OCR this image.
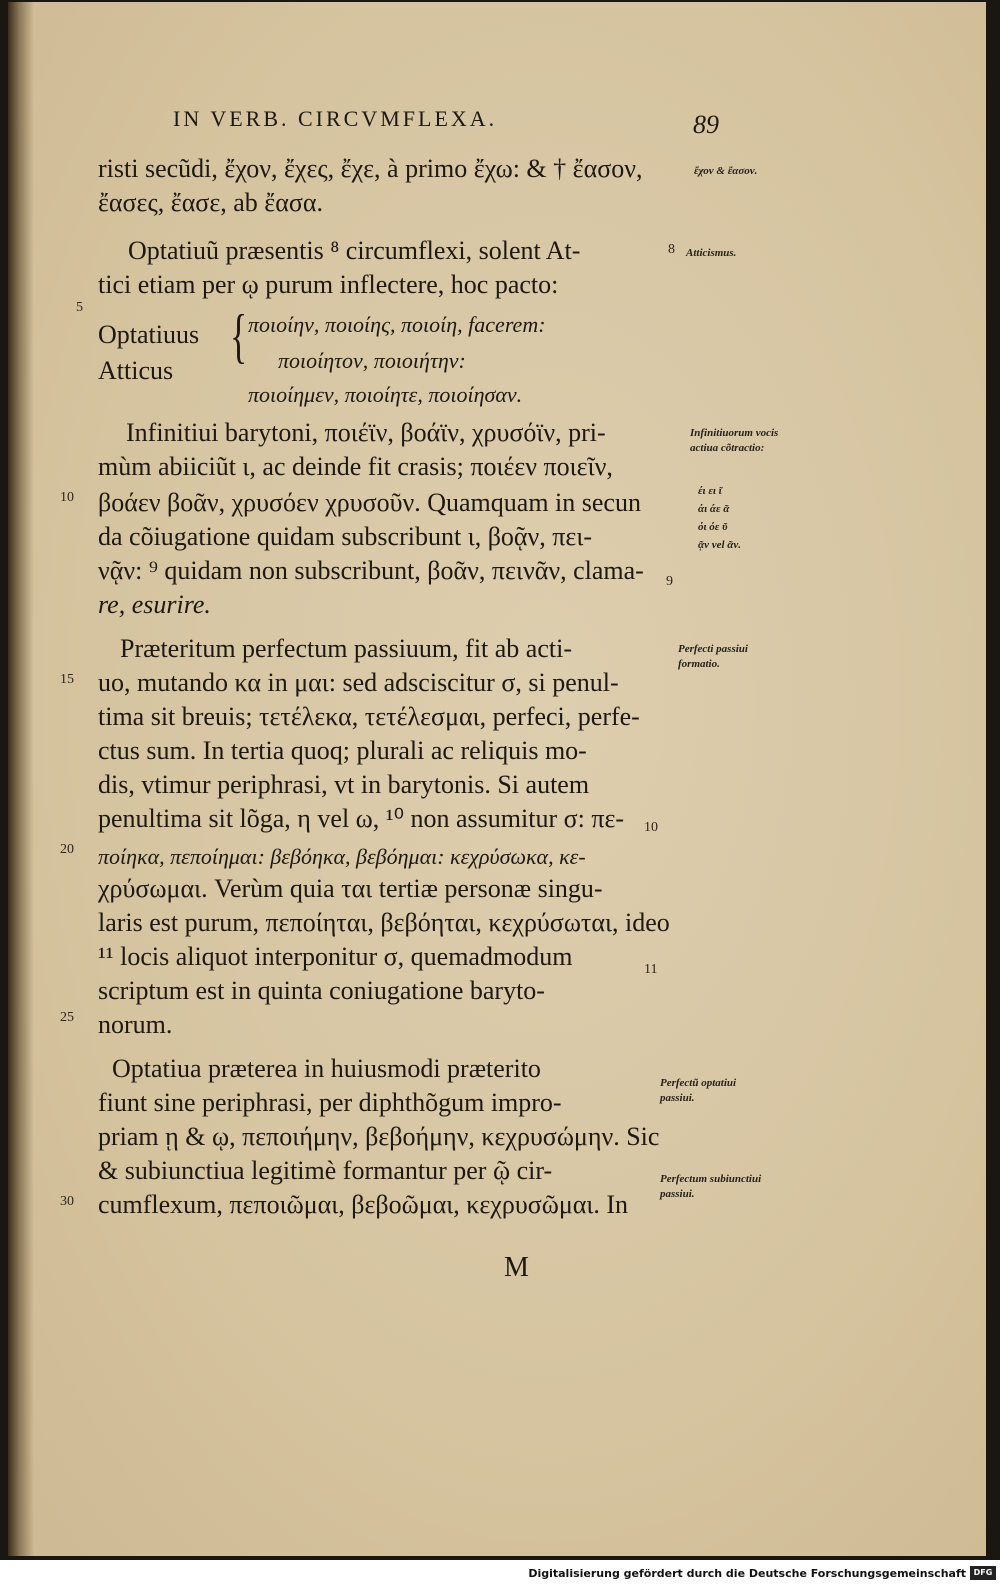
IN VERB. CIRCVMFLEXA.	89
risti secũdi, ἔχον, ἔχες, ἔχε, à primo ἔχω: & † ἔασον,
ἔασες, ἔασε, ab ἔασα.
Optatiuũ præsentis ⁸ circumflexi, solent At-
tici etiam per ῳ purum inflectere, hoc pacto:
Optatiuus
Atticus
{ ποιοίην, ποιοίης, ποιοίη, facerem:
ποιοίητον, ποιοιήτην:
ποιοίημεν, ποιοίητε, ποιοίησαν.
Infinitiui barytoni, ποιέϊν, βοάϊν, χρυσόϊν, pri-
mùm abiiciũt ι, ac deinde fit crasis; ποιέεν ποιεῖν,
βοάεν βοᾶν, χρυσόεν χρυσοῦν. Quamquam in secun
da cõiugatione quidam subscribunt ι, βοᾷν, πει-
νᾷν: ⁹ quidam non subscribunt, βοᾶν, πεινᾶν, clama-
re, esurire.
Præteritum perfectum passiuum, fit ab acti-
uo, mutando κα in μαι: sed adsciscitur σ, si penul-
tima sit breuis; τετέλεκα, τετέλεσμαι, perfeci, perfe-
ctus sum. In tertia quoq; plurali ac reliquis mo-
dis, vtimur periphrasi, vt in barytonis. Si autem
penultima sit lõga, η vel ω, ¹⁰ non assumitur σ: πε-
ποίηκα, πεποίημαι: βεβόηκα, βεβόημαι: κεχρύσωκα, κε-
χρύσωμαι. Verùm quia ται tertiæ personæ singu-
laris est purum, πεποίηται, βεβόηται, κεχρύσωται, ideo
¹¹ locis aliquot interponitur σ, quemadmodum
scriptum est in quinta coniugatione baryto-
norum.
Optatiua præterea in huiusmodi præterito
fiunt sine periphrasi, per diphthõgum impro-
priam ῃ & ῳ, πεποιήμην, βεβοήμην, κεχρυσώμην. Sic
& subiunctiua legitimè formantur per ῷ cir-
cumflexum, πεποιῶμαι, βεβοῶμαι, κεχρυσῶμαι. In
M
5
10
15
20
25
30
8
9
10
11
ἔχον & ἔασον.
Atticismus.
Infinitiuorum vocis actiua cõtractio:
έι ει ῖ
άι άε ᾶ
όι όε ῦ
ᾷν vel ᾶν.
Perfecti passiui formatio.
Perfectũ optatiui passiui.
Perfectum subiunctiui passiui.
Digitalisierung gefördert durch die Deutsche Forschungsgemeinschaft DFG
